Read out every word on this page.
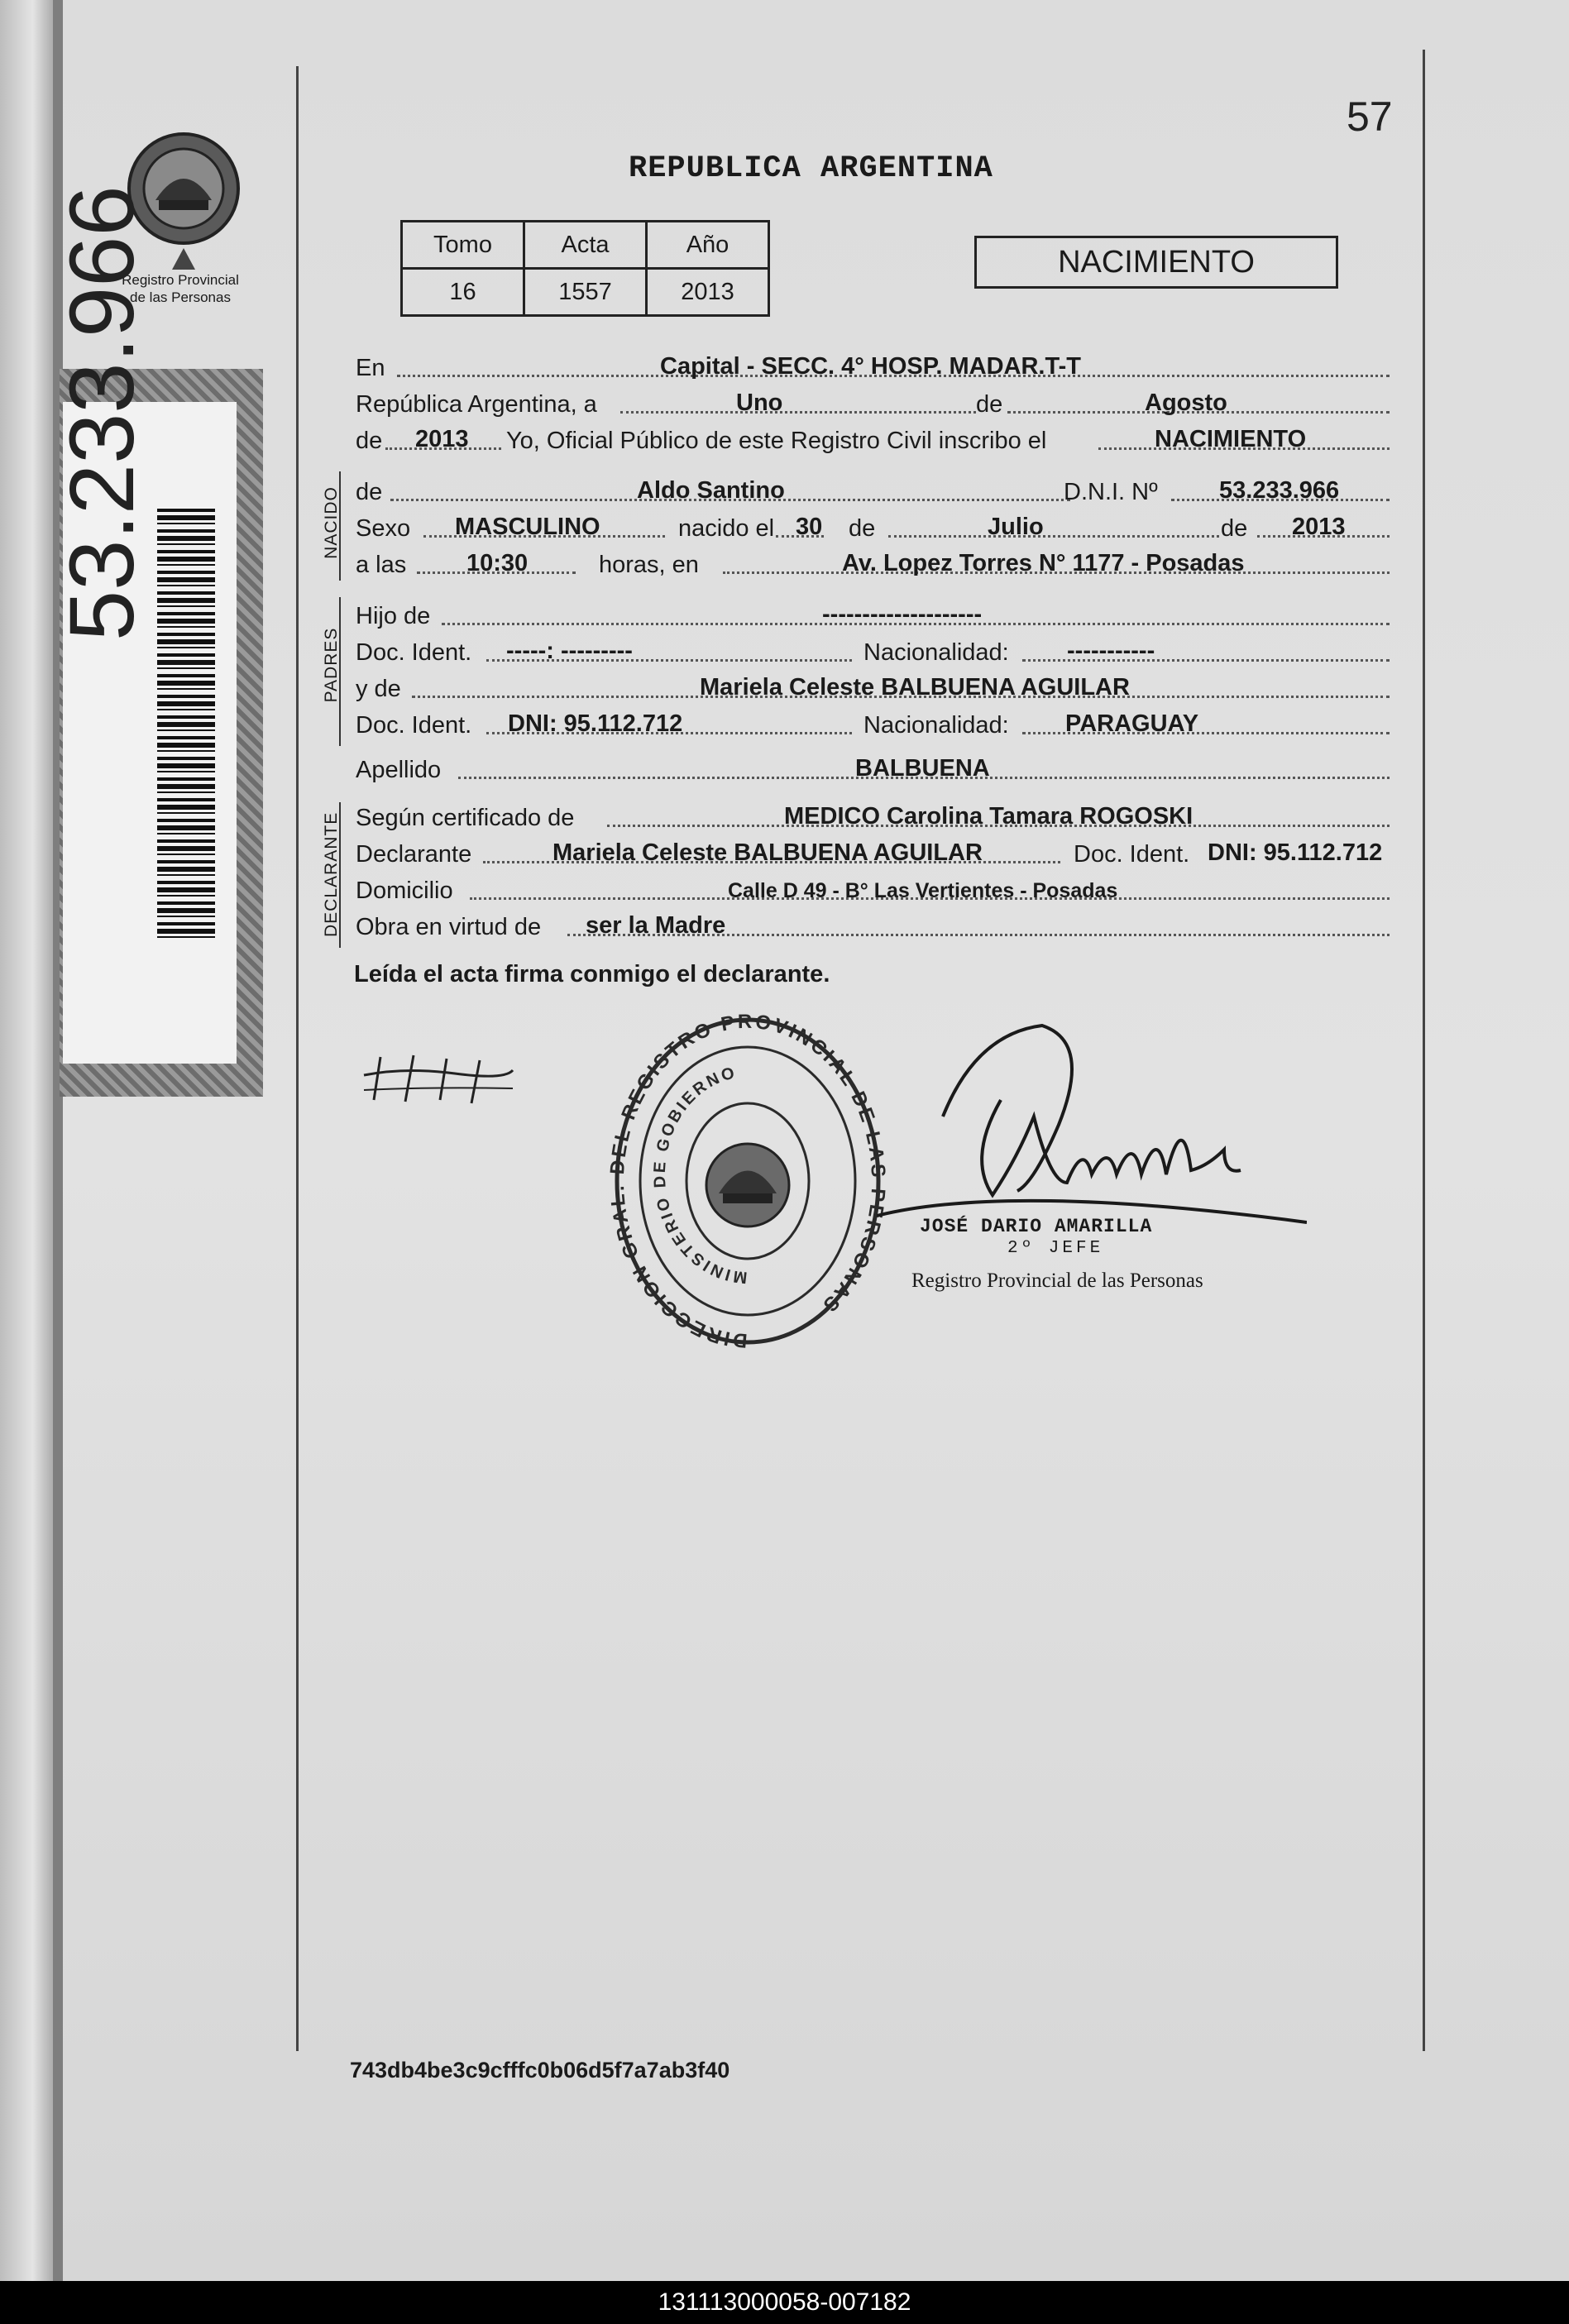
Registro Provincial
de las Personas
53.233.966
57
REPUBLICA ARGENTINA
Tomo	Acta	Año
16	1557	2013
NACIMIENTO
En	Capital - SECC. 4° HOSP. MADAR.T-T
República Argentina, a	Uno	de	Agosto
de 2013 Yo, Oficial Público de este Registro Civil inscribo el	NACIMIENTO
NACIDO de	Aldo Santino	D.N.I. Nº	53.233.966
Sexo MASCULINO	nacido el 30 de	Julio	de 2013
a las	10:30	horas, en	Av. Lopez Torres N° 1177 - Posadas
PADRES
Hijo de	--------------------
Doc. Ident. -----: ---------	Nacionalidad: -----------
y de	Mariela Celeste BALBUENA AGUILAR
Doc. Ident. DNI: 95.112.712	Nacionalidad: PARAGUAY
Apellido	BALBUENA
DECLARANTE Según certificado de	MEDICO Carolina Tamara ROGOSKI
Declarante	Mariela Celeste BALBUENA AGUILAR	Doc. Ident. DNI: 95.112.712
Domicilio	Calle D 49 - B° Las Vertientes - Posadas
Obra en virtud de ser la Madre
Leída el acta firma conmigo el declarante.
DIRECCION GRAL. DEL REGISTRO PROVINCIAL DE LAS PERSONAS
MINISTERIO DE GOBIERNO
JOSÉ DARIO AMARILLA
2º JEFE
Registro Provincial de las Personas
743db4be3c9cfffc0b06d5f7a7ab3f40
131113000058-007182
